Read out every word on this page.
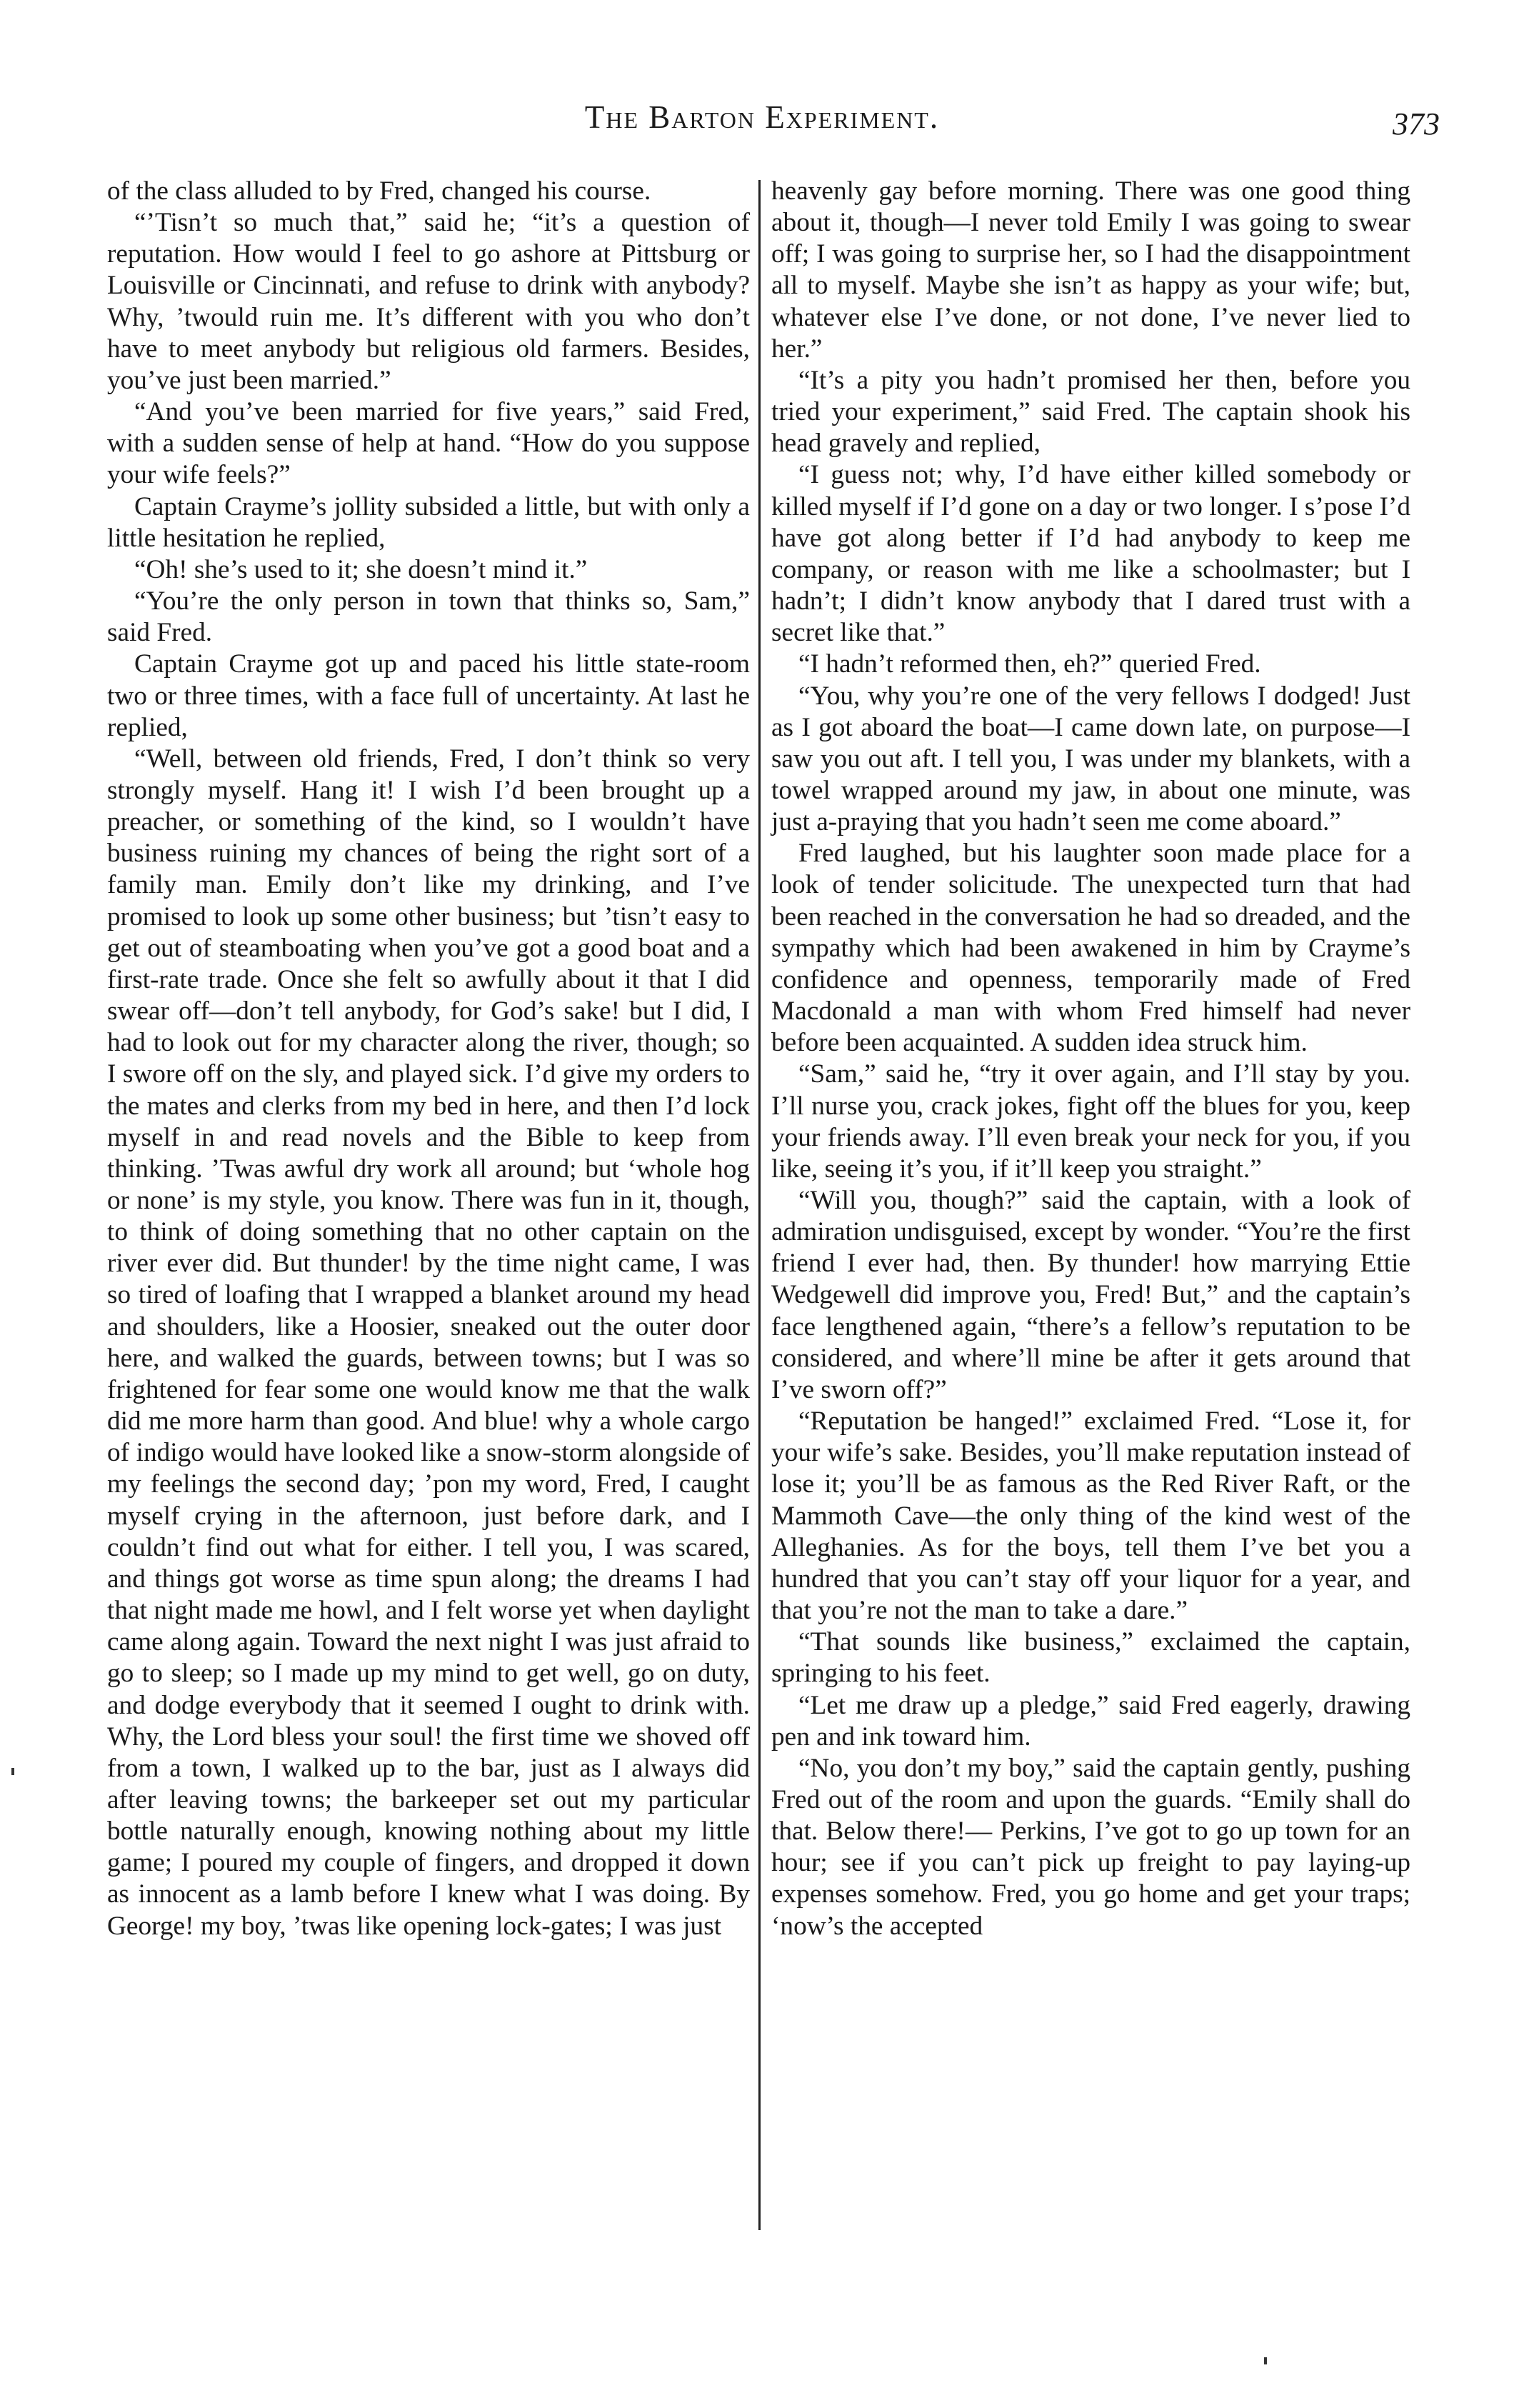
The Barton Experiment.	373

of the class alluded to by Fred, changed his course.

“’Tisn’t so much that,” said he; “it’s a question of reputation. How would I feel to go ashore at Pittsburg or Louisville or Cincinnati, and refuse to drink with anybody? Why, ’twould ruin me. It’s different with you who don’t have to meet anybody but religious old farmers. Besides, you’ve just been married.”

“And you’ve been married for five years,” said Fred, with a sudden sense of help at hand. “How do you suppose your wife feels?”

Captain Crayme’s jollity subsided a little, but with only a little hesitation he replied,

“Oh! she’s used to it; she doesn’t mind it.”

“You’re the only person in town that thinks so, Sam,” said Fred.

Captain Crayme got up and paced his little state-room two or three times, with a face full of uncertainty. At last he replied,

“Well, between old friends, Fred, I don’t think so very strongly myself. Hang it! I wish I’d been brought up a preacher, or something of the kind, so I wouldn’t have business ruining my chances of being the right sort of a family man. Emily don’t like my drinking, and I’ve promised to look up some other business; but ’tisn’t easy to get out of steamboating when you’ve got a good boat and a first-rate trade. Once she felt so awfully about it that I did swear off—don’t tell anybody, for God’s sake! but I did, I had to look out for my character along the river, though; so I swore off on the sly, and played sick. I’d give my orders to the mates and clerks from my bed in here, and then I’d lock myself in and read novels and the Bible to keep from thinking. ’Twas awful dry work all around; but ‘whole hog or none’ is my style, you know. There was fun in it, though, to think of doing something that no other captain on the river ever did. But thunder! by the time night came, I was so tired of loafing that I wrapped a blanket around my head and shoulders, like a Hoosier, sneaked out the outer door here, and walked the guards, between towns; but I was so frightened for fear some one would know me that the walk did me more harm than good. And blue! why a whole cargo of indigo would have looked like a snow-storm alongside of my feelings the second day; ’pon my word, Fred, I caught myself crying in the afternoon, just before dark, and I couldn’t find out what for either. I tell you, I was scared, and things got worse as time spun along; the dreams I had that night made me howl, and I felt worse yet when daylight came along again. Toward the next night I was just afraid to go to sleep; so I made up my mind to get well, go on duty, and dodge everybody that it seemed I ought to drink with. Why, the Lord bless your soul! the first time we shoved off from a town, I walked up to the bar, just as I always did after leaving towns; the barkeeper set out my particular bottle naturally enough, knowing nothing about my little game; I poured my couple of fingers, and dropped it down as innocent as a lamb before I knew what I was doing. By George! my boy, ’twas like opening lock-gates; I was just

heavenly gay before morning. There was one good thing about it, though—I never told Emily I was going to swear off; I was going to surprise her, so I had the disappointment all to myself. Maybe she isn’t as happy as your wife; but, whatever else I’ve done, or not done, I’ve never lied to her.”

“It’s a pity you hadn’t promised her then, before you tried your experiment,” said Fred. The captain shook his head gravely and replied,

“I guess not; why, I’d have either killed somebody or killed myself if I’d gone on a day or two longer. I s’pose I’d have got along better if I’d had anybody to keep me company, or reason with me like a schoolmaster; but I hadn’t; I didn’t know anybody that I dared trust with a secret like that.”

“I hadn’t reformed then, eh?” queried Fred.

“You, why you’re one of the very fellows I dodged! Just as I got aboard the boat—I came down late, on purpose—I saw you out aft. I tell you, I was under my blankets, with a towel wrapped around my jaw, in about one minute, was just a-praying that you hadn’t seen me come aboard.”

Fred laughed, but his laughter soon made place for a look of tender solicitude. The unexpected turn that had been reached in the conversation he had so dreaded, and the sympathy which had been awakened in him by Crayme’s confidence and openness, temporarily made of Fred Macdonald a man with whom Fred himself had never before been acquainted. A sudden idea struck him.

“Sam,” said he, “try it over again, and I’ll stay by you. I’ll nurse you, crack jokes, fight off the blues for you, keep your friends away. I’ll even break your neck for you, if you like, seeing it’s you, if it’ll keep you straight.”

“Will you, though?” said the captain, with a look of admiration undisguised, except by wonder. “You’re the first friend I ever had, then. By thunder! how marrying Ettie Wedgewell did improve you, Fred! But,” and the captain’s face lengthened again, “there’s a fellow’s reputation to be considered, and where’ll mine be after it gets around that I’ve sworn off?”

“Reputation be hanged!” exclaimed Fred. “Lose it, for your wife’s sake. Besides, you’ll make reputation instead of lose it; you’ll be as famous as the Red River Raft, or the Mammoth Cave—the only thing of the kind west of the Alleghanies. As for the boys, tell them I’ve bet you a hundred that you can’t stay off your liquor for a year, and that you’re not the man to take a dare.”

“That sounds like business,” exclaimed the captain, springing to his feet.

“Let me draw up a pledge,” said Fred eagerly, drawing pen and ink toward him.

“No, you don’t my boy,” said the captain gently, pushing Fred out of the room and upon the guards. “Emily shall do that. Below there!— Perkins, I’ve got to go up town for an hour; see if you can’t pick up freight to pay laying-up expenses somehow. Fred, you go home and get your traps; ‘now’s the accepted
